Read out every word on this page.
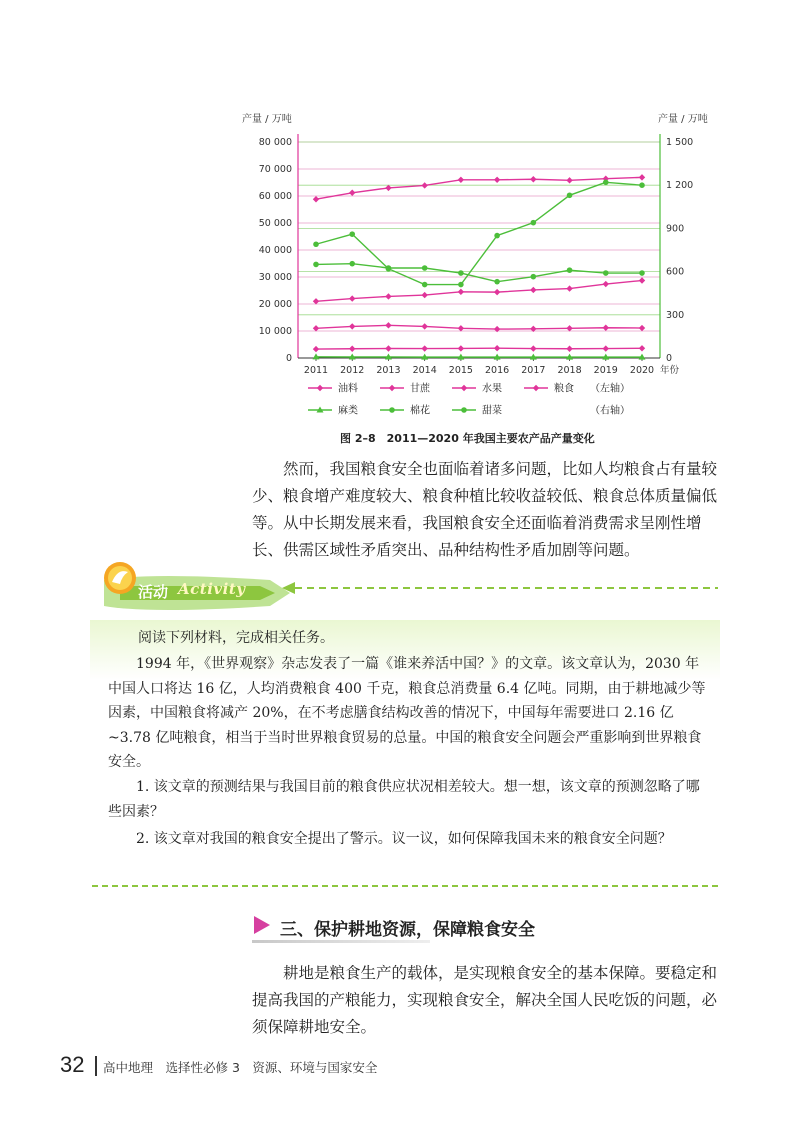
0
10 000
20 000
30 000
40 000
50 000
60 000
70 000
80 000
0
300
600
900
1 200
1 500
产量 / 万吨	产量 / 万吨
2011 2012 2013 2014 2015 2016 2017 2018 2019 2020 年份
油料	甘蔗	水果	粮食 （左轴）
麻类	棉花	甜菜	（右轴）
图 2–8　2011—2020 年我国主要农产品产量变化

然而，我国粮食安全也面临着诸多问题，比如人均粮食占有量较少、粮食增产难度较大、粮食种植比较收益较低、粮食总体质量偏低等。从中长期发展来看，我国粮食安全还面临着消费需求呈刚性增长、供需区域性矛盾突出、品种结构性矛盾加剧等问题。

活动 Activity

阅读下列材料，完成相关任务。

1994 年，《世界观察》杂志发表了一篇《谁来养活中国？》的文章。该文章认为，2030 年中国人口将达 16 亿，人均消费粮食 400 千克，粮食总消费量 6.4 亿吨。同期，由于耕地减少等因素，中国粮食将减产 20%，在不考虑膳食结构改善的情况下，中国每年需要进口 2.16 亿 ~3.78 亿吨粮食，相当于当时世界粮食贸易的总量。中国的粮食安全问题会严重影响到世界粮食安全。

1. 该文章的预测结果与我国目前的粮食供应状况相差较大。想一想，该文章的预测忽略了哪些因素？

2. 该文章对我国的粮食安全提出了警示。议一议，如何保障我国未来的粮食安全问题？

三、保护耕地资源，保障粮食安全

耕地是粮食生产的载体，是实现粮食安全的基本保障。要稳定和提高我国的产粮能力，实现粮食安全，解决全国人民吃饭的问题，必须保障耕地安全。

32 高中地理　选择性必修 3　资源、环境与国家安全
